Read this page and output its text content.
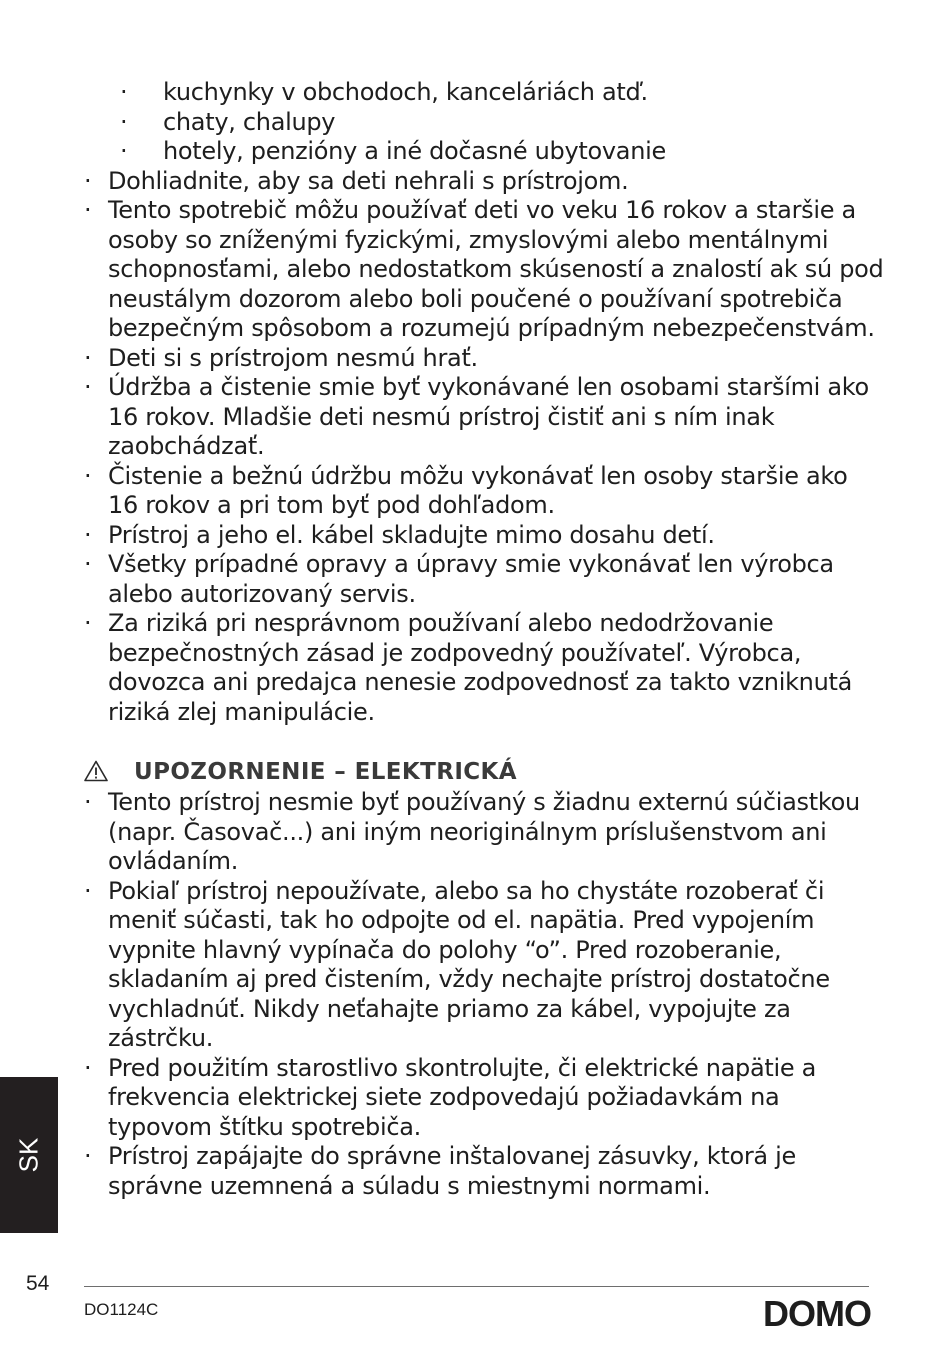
· kuchynky v obchodoch, kanceláriách atď.
· chaty, chalupy
· hotely, penzióny a iné dočasné ubytovanie
· Dohliadnite, aby sa deti nehrali s prístrojom.
· Tento spotrebič môžu používať deti vo veku 16 rokov a staršie a osoby so zníženými fyzickými, zmyslovými alebo mentálnymi schopnosťami, alebo nedostatkom skúseností a znalostí ak sú pod neustálym dozorom alebo boli poučené o používaní spotrebiča bezpečným spôsobom a rozumejú prípadným nebezpečenstvám.
· Deti si s prístrojom nesmú hrať.
· Údržba a čistenie smie byť vykonávané len osobami staršími ako 16 rokov. Mladšie deti nesmú prístroj čistiť ani s ním inak zaobchádzať.
· Čistenie a bežnú údržbu môžu vykonávať len osoby staršie ako 16 rokov a pri tom byť pod dohľadom.
· Prístroj a jeho el. kábel skladujte mimo dosahu detí.
· Všetky prípadné opravy a úpravy smie vykonávať len výrobca alebo autorizovaný servis.
· Za riziká pri nesprávnom používaní alebo nedodržovanie bezpečnostných zásad je zodpovedný používateľ. Výrobca, dovozca ani predajca nenesie zodpovednosť za takto vzniknutá riziká zlej manipulácie.
UPOZORNENIE – ELEKTRICKÁ
· Tento prístroj nesmie byť používaný s žiadnu externú súčiastkou (napr. Časovač...) ani iným neoriginálnym príslušenstvom ani ovládaním.
· Pokiaľ prístroj nepoužívate, alebo sa ho chystáte rozoberať či meniť súčasti, tak ho odpojte od el. napätia. Pred vypojením vypnite hlavný vypínača do polohy “o”. Pred rozoberanie, skladaním aj pred čistením, vždy nechajte prístroj dostatočne vychladnúť. Nikdy neťahajte priamo za kábel, vypojujte za zástrčku.
· Pred použitím starostlivo skontrolujte, či elektrické napätie a frekvencia elektrickej siete zodpovedajú požiadavkám na typovom štítku spotrebiča.
· Prístroj zapájajte do správne inštalovanej zásuvky, ktorá je správne uzemnená a súladu s miestnymi normami.
SK
54
DO1124C	DOMO
